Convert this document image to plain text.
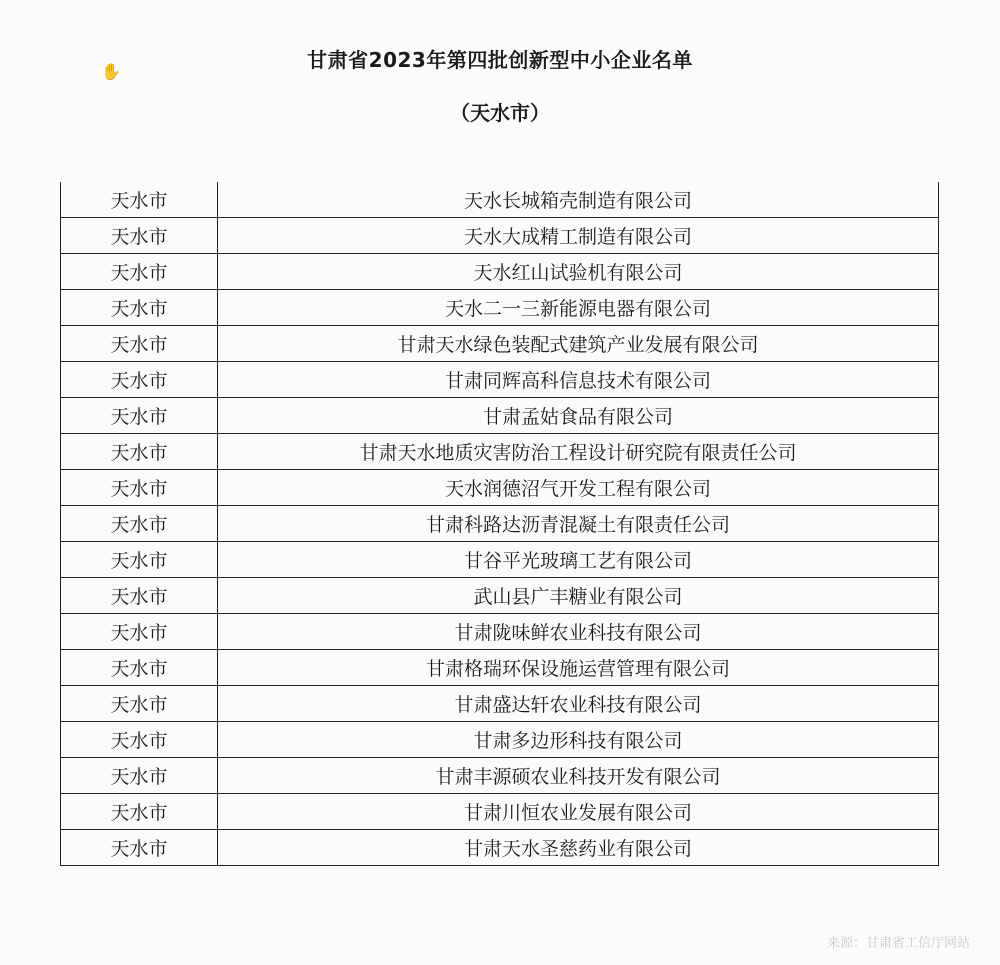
✋	甘肃省2023年第四批创新型中小企业名单
（天水市）
天水市	天水长城箱壳制造有限公司
天水市	天水大成精工制造有限公司
天水市	天水红山试验机有限公司
天水市	天水二一三新能源电器有限公司
天水市	甘肃天水绿色装配式建筑产业发展有限公司
天水市	甘肃同辉高科信息技术有限公司
天水市	甘肃孟姑食品有限公司
天水市	甘肃天水地质灾害防治工程设计研究院有限责任公司
天水市	天水润德沼气开发工程有限公司
天水市	甘肃科路达沥青混凝土有限责任公司
天水市	甘谷平光玻璃工艺有限公司
天水市	武山县广丰糖业有限公司
天水市	甘肃陇味鲜农业科技有限公司
天水市	甘肃格瑞环保设施运营管理有限公司
天水市	甘肃盛达轩农业科技有限公司
天水市	甘肃多边形科技有限公司
天水市	甘肃丰源硕农业科技开发有限公司
天水市	甘肃川恒农业发展有限公司
天水市	甘肃天水圣慈药业有限公司
来源：甘肃省工信厅网站
